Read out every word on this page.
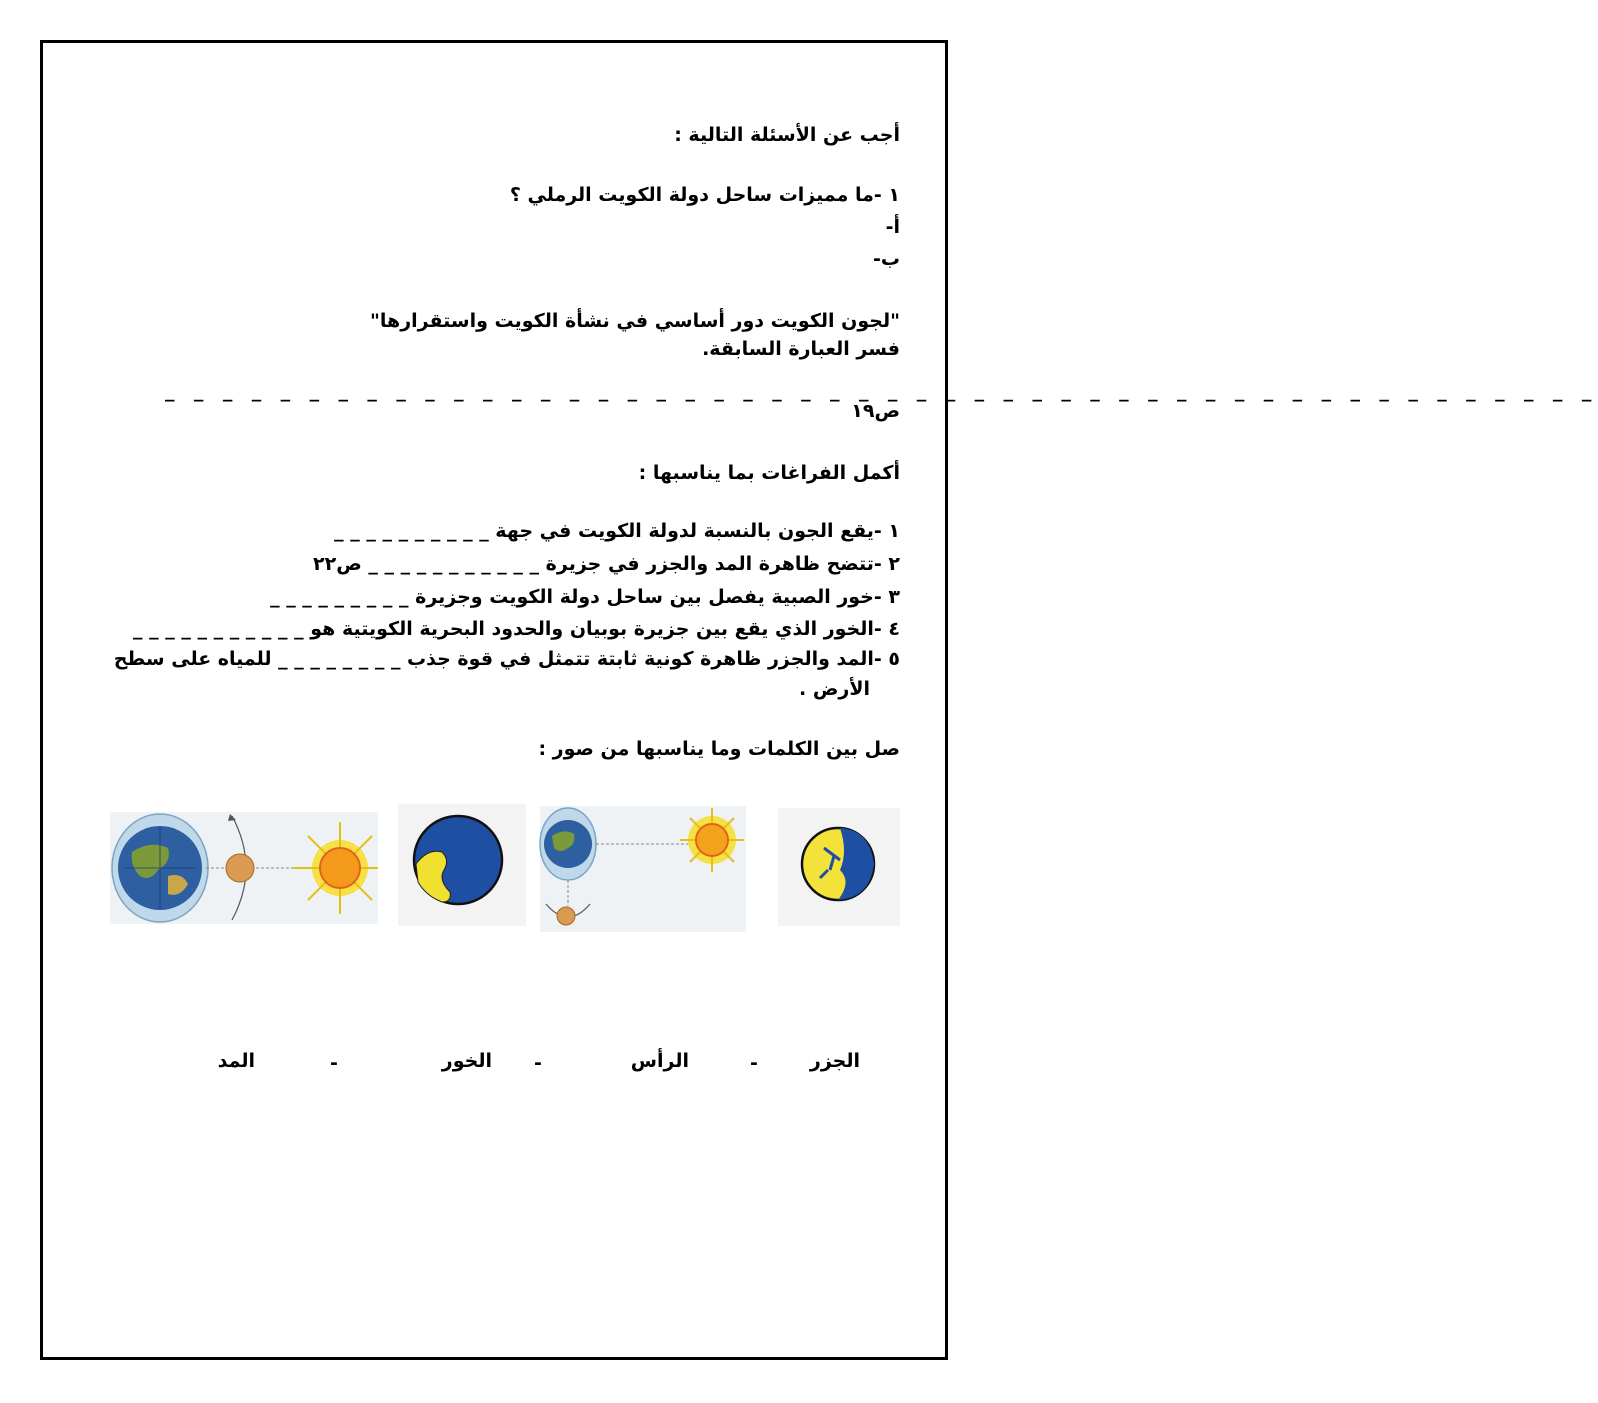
أجب عن الأسئلة التالية :
١ -ما مميزات ساحل دولة الكويت الرملي ؟
أ-
ب-
"لجون الكويت دور أساسي في نشأة الكويت واستقرارها"
فسر العبارة السابقة.
_ _ _ _ _ _ _ _ _ _ _ _ _ _ _ _ _ _ _ _ _ _ _ _ _ _ _ _ _ _ _ _ _ _ _ _ _ _ _ _ _ _ _ _ _ _ _ _ _ _
ص١٩
أكمل الفراغات بما يناسبها :
١ -يقع الجون بالنسبة لدولة الكويت في جهة _ _ _ _ _ _ _ _ _ _
٢ -تتضح ظاهرة المد والجزر في جزيرة _ _ _ _ _ _ _ _ _ _ _ ص٢٢
٣ -خور الصبية يفصل بين ساحل دولة الكويت وجزيرة _ _ _ _ _ _ _ _ _
٤ -الخور الذي يقع بين جزيرة بوبيان والحدود البحرية الكويتية هو _ _ _ _ _ _ _ _ _ _ _
٥ -المد والجزر ظاهرة كونية ثابتة تتمثل في قوة جذب _ _ _ _ _ _ _ _ للمياه على سطح
الأرض .
صل بين الكلمات وما يناسبها من صور :
الجزر
-
الرأس
-
الخور
-
المد
